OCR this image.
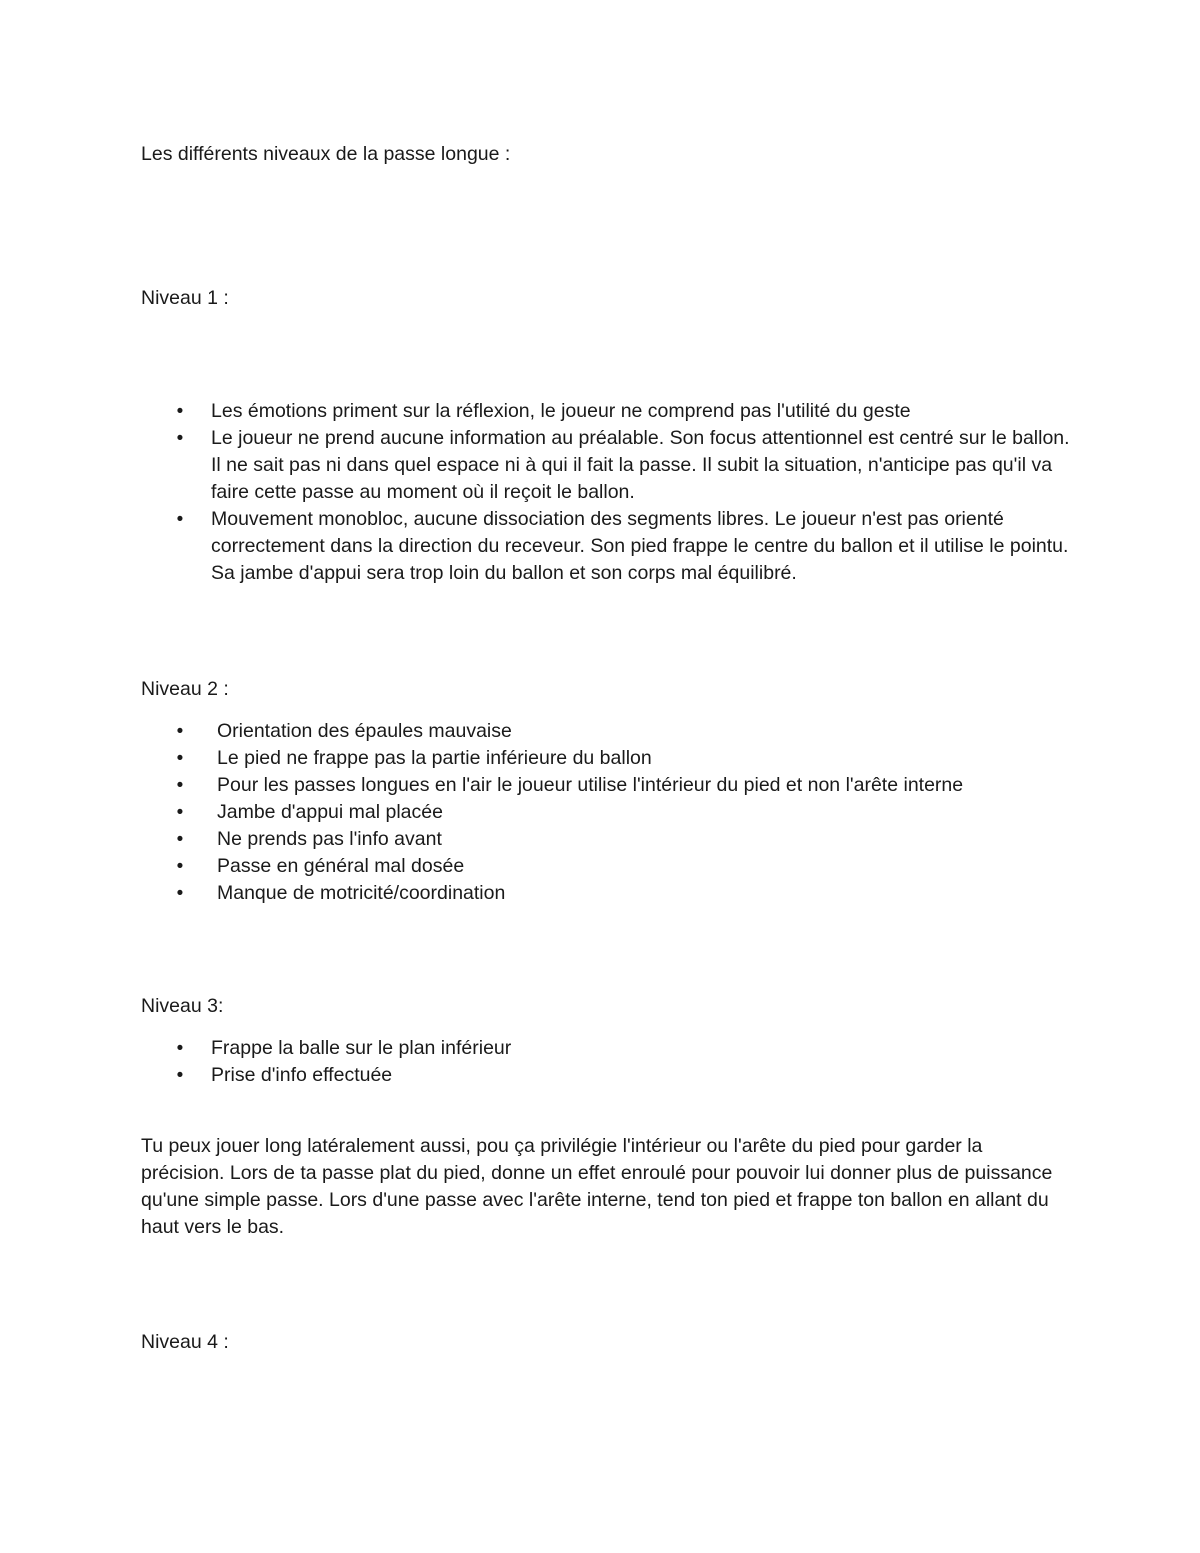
Les différents niveaux de la passe longue :

Niveau 1 :

• Les émotions priment sur la réflexion, le joueur ne comprend pas l'utilité du geste
• Le joueur ne prend aucune information au préalable. Son focus attentionnel est centré sur le ballon. Il ne sait pas ni dans quel espace ni à qui il fait la passe. Il subit la situation, n'anticipe pas qu'il va faire cette passe au moment où il reçoit le ballon.
• Mouvement monobloc, aucune dissociation des segments libres. Le joueur n'est pas orienté correctement dans la direction du receveur. Son pied frappe le centre du ballon et il utilise le pointu. Sa jambe d'appui sera trop loin du ballon et son corps mal équilibré.

Niveau 2 :

• Orientation des épaules mauvaise
• Le pied ne frappe pas la partie inférieure du ballon
• Pour les passes longues en l'air le joueur utilise l'intérieur du pied et non l'arête interne
• Jambe d'appui mal placée
• Ne prends pas l'info avant
• Passe en général mal dosée
• Manque de motricité/coordination

Niveau 3:

• Frappe la balle sur le plan inférieur
• Prise d'info effectuée

Tu peux jouer long latéralement aussi, pou ça privilégie l'intérieur ou l'arête du pied pour garder la précision. Lors de ta passe plat du pied, donne un effet enroulé pour pouvoir lui donner plus de puissance qu'une simple passe. Lors d'une passe avec l'arête interne, tend ton pied et frappe ton ballon en allant du haut vers le bas.

Niveau 4 :
